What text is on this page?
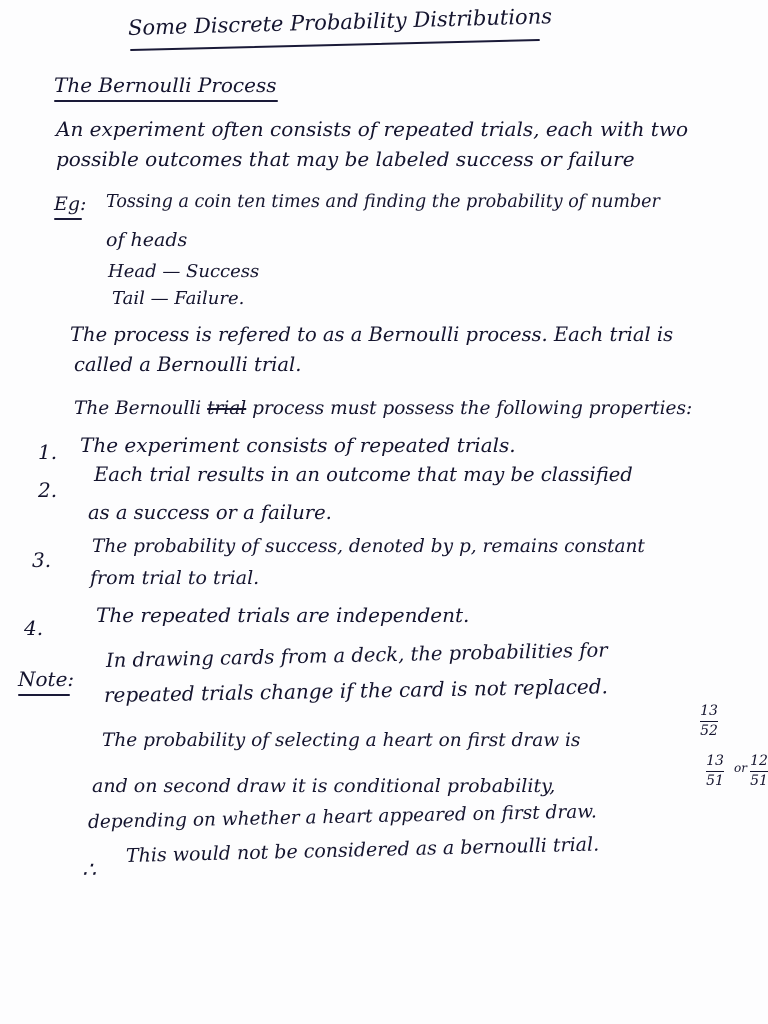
Some Discrete Probability Distributions
The Bernoulli Process
An experiment often consists of repeated trials, each with two
possible outcomes that may be labeled success or failure
Eg: Tossing a coin ten times and finding the probability of number
of heads
Head — Success
Tail — Failure.
The process is refered to as a Bernoulli process. Each trial is
called a Bernoulli trial.
The Bernoulli trial process must possess the following properties:
1. The experiment consists of repeated trials.
2.
Each trial results in an outcome that may be classified
as a success or a failure.
3.
The probability of success, denoted by p, remains constant
from trial to trial.
4.
The repeated trials are independent.
Note:
In drawing cards from a deck, the probabilities for
repeated trials change if the card is not replaced.
The probability of selecting a heart on first draw is
13
52
and on second draw it is conditional probability,
13
51
or 12
51
depending on whether a heart appeared on first draw.
∴
This would not be considered as a bernoulli trial.
